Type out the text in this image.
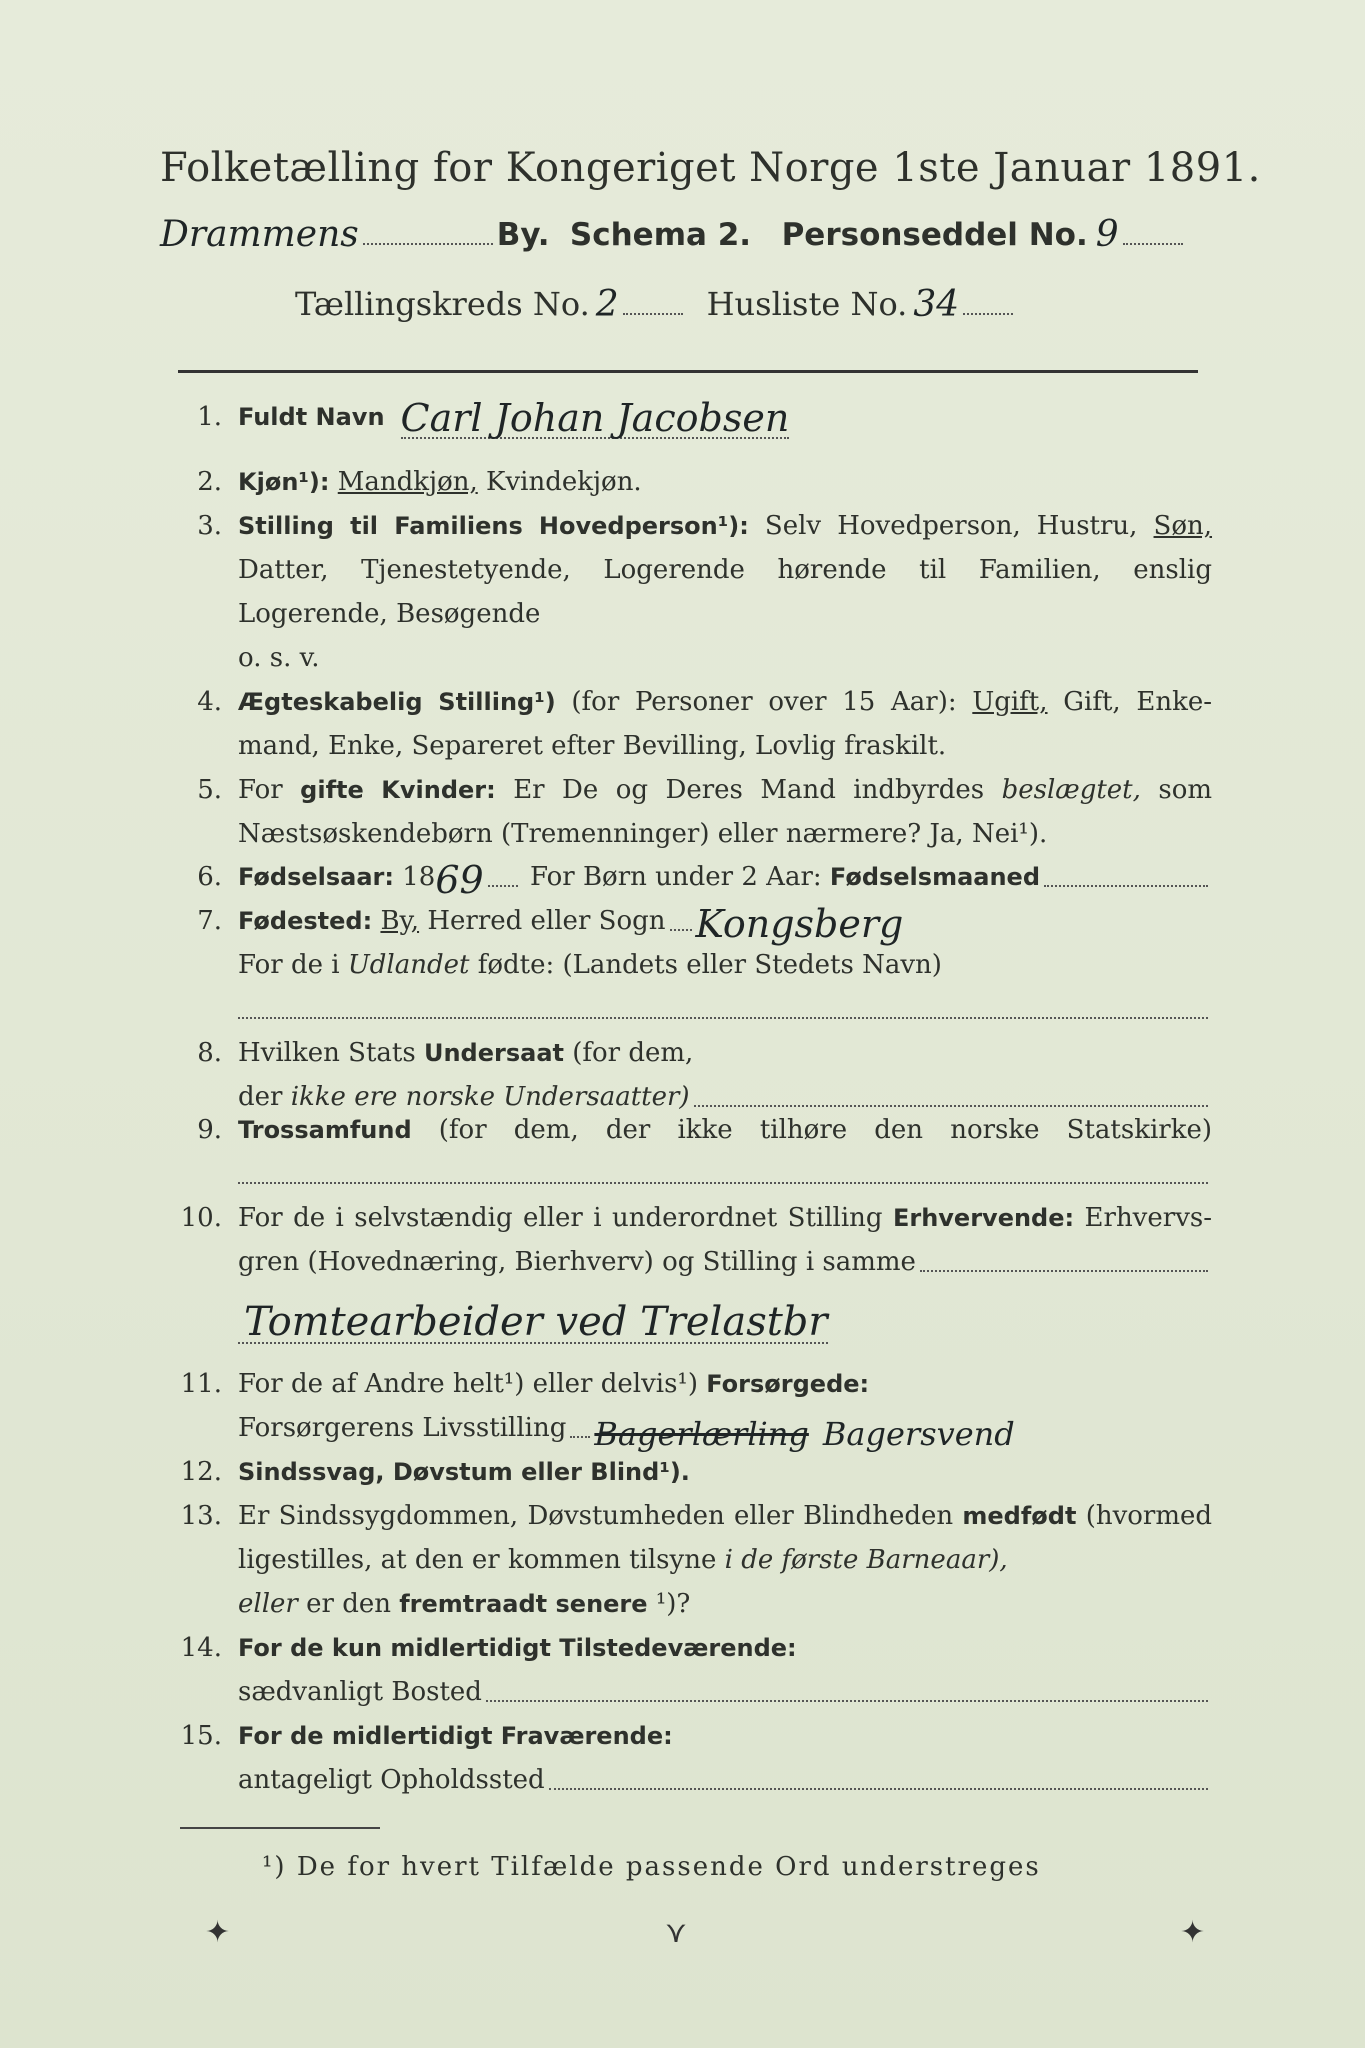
Folketælling for Kongeriget Norge 1ste Januar 1891.
Drammens	By.
Schema 2.
Personseddel No. 9
Tællingskreds No. 2	Husliste No. 34
1. Fuldt Navn Carl Johan Jacobsen
2. Kjøn¹): Mandkjøn, Kvindekjøn.
3. Stilling til Familiens Hovedperson¹): Selv Hovedperson, Hustru, Søn,
Datter, Tjenestetyende, Logerende hørende til Familien, enslig
Logerende, Besøgende
o. s. v.
4. Ægteskabelig Stilling¹) (for Personer over 15 Aar): Ugift, Gift, Enke-
mand, Enke, Separeret efter Bevilling, Lovlig fraskilt.
5. For gifte Kvinder: Er De og Deres Mand indbyrdes beslægtet, som
Næstsøskendebørn (Tremenninger) eller nærmere? Ja, Nei¹).
6. Fødselsaar:
18 69
For Børn under 2 Aar:
Fødselsmaaned
7. Fødested:
By,
Herred eller Sogn Kongsberg
For de i Udlandet fødte: (Landets eller Stedets Navn)
8. Hvilken Stats Undersaat (for dem,
der
ikke ere norske Undersaatter)
9. Trossamfund (for dem, der ikke tilhøre den norske Statskirke)
10. For de i selvstændig eller i underordnet Stilling Erhvervende: Erhvervs-
gren (Hovednæring, Bierhverv) og Stilling i samme
Tomtearbeider ved Trelastbr
11. For de af Andre helt¹) eller delvis¹) Forsørgede:
Forsørgerens Livsstilling Bagerlærling Bagersvend
12. Sindssvag, Døvstum eller Blind¹).
13. Er Sindssygdommen, Døvstumheden eller Blindheden medfødt (hvormed
ligestilles, at den er kommen tilsyne i de første Barneaar),
eller er den fremtraadt senere ¹)?
14. For de kun midlertidigt Tilstedeværende:
sædvanligt Bosted
15. For de midlertidigt Fraværende:
antageligt Opholdssted
¹) De for hvert Tilfælde passende Ord understreges
✦	⋎	✦
